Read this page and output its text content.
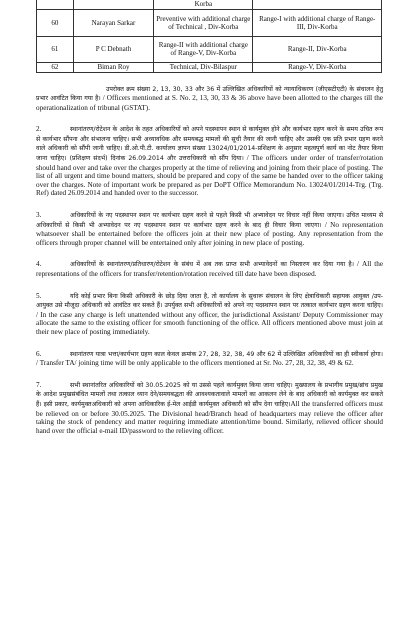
		Korba	
60	Narayan Sarkar	Preventive with additional charge of Technical , Div-Korba	Range-I with additional charge of Range-III, Div-Korba
61	P C Debnath	Range-II with additional charge of Range-V, Div-Korba	Range-II, Div-Korba
62	Biman Roy	Technical, Div-Bilaspur	Range-V, Div-Korba

उपरोक्त क्रम संख्या 2, 13, 30, 33 और 36 में उल्लिखित अधिकारियों को न्यायाधिकरण (जीएसटीएटी) के संचालन हेतु प्रभार आवंटित किया गया है। / Officers mentioned at S. No. 2, 13, 30, 33 & 36 above have been allotted to the charges till the operationalization of tribunal (GSTAT).

2.	स्थानांतरण/रोटेशन के आदेश के तहत अधिकारियों को अपने पदस्थापन स्थान से कार्यमुक्त होने और कार्यभार ग्रहण करने के समय उचित रूप से कार्यभार सौंपना और संभालना चाहिए। सभी अध्यावधिक और समयबद्ध मामलों की सूची तैयार की जानी चाहिए और उसकी एक प्रति प्रभार ग्रहण करने वाले अधिकारी को सौंपी जानी चाहिए। डी.ओ.पी.टी. कार्यालय ज्ञापन संख्या 13024/01/2014-प्रशिक्षण के अनुसार महत्वपूर्ण कार्य का नोट तैयार किया जाना चाहिए। (प्रशिक्षण संदर्भ) दिनांक 26.09.2014 और उत्तराधिकारी को सौंप दिया। / The officers under order of transfer/rotation should hand over and take over the charges properly at the time of relieving and joining from their place of posting. The list of all urgent and time bound matters, should be prepared and copy of the same be handed over to the officer taking over the charges. Note of important work be prepared as per DoPT Office Memorandum No. 13024/01/2014-Trg. (Trg. Ref) dated 26.09.2014 and handed over to the successor.

3.	अधिकारियों के नए पदस्थापन स्थान पर कार्यभार ग्रहण करने से पहले किसी भी अभ्यावेदन पर विचार नहीं किया जाएगा। उचित माध्यम से अधिकारियों से किसी भी अभ्यावेदन पर नए पदस्थापन स्थान पर कार्यभार ग्रहण करने के बाद ही विचार किया जाएगा। / No representation whatsoever shall be entertained before the officers join at their new place of posting. Any representation from the officers through proper channel will be entertained only after joining in new place of posting.

4.	अधिकारियों के स्थानांतरण/प्रतिधारण/रोटेशन के संबंध में अब तक प्राप्त सभी अभ्यावेदनों का निस्तारण कर दिया गया है। / All the representations of the officers for transfer/retention/rotation received till date have been disposed.

5.	यदि कोई प्रभार बिना किसी अधिकारी के छोड़ दिया जाता है, तो कार्यालय के सुचारू संचालन के लिए क्षेत्राधिकारी सहायक आयुक्त /उप-आयुक्त उसे मौजूदा अधिकारी को आवंटित कर सकते हैं। उपर्युक्त सभी अधिकारियों को अपने नए पदस्थापन स्थान पर तत्काल कार्यभार ग्रहण करना चाहिए। / In the case any charge is left unattended without any officer, the jurisdictional Assistant/ Deputy Commissioner may allocate the same to the existing officer for smooth functioning of the office. All officers mentioned above must join at their new place of posting immediately.

6.	स्थानांतरण यात्रा भत्ता/कार्यभार ग्रहण काल केवल क्रमांक 27, 28, 32, 38, 49 और 62 में उल्लिखित अधिकारियों का ही स्वीकार्य होगा। / Transfer TA/ joining time will be only applicable to the officers mentioned at Sr. No. 27, 28, 32, 38, 49 & 62.

7.	सभी स्थानांतरित अधिकारियों को 30.05.2025 को या उससे पहले कार्यमुक्त किया जाना चाहिए। मुख्यालय के प्रभागीय प्रमुख/ब्रांच प्रमुख के आदेश प्रमुखसंबंधित मामलों तथा तत्काल ध्यान देने/समयबद्धता की आवश्यकतावाले मामलों का आकलन लेने के बाद अधिकारी को कार्यमुक्त कर सकते हैं। इसी प्रकार, कार्यमुक्तअधिकारी को अपना आधिकारिक ई-मेल आईडी कार्यमुक्त अधिकारी को सौंप देना चाहिए।All the transferred officers must be relieved on or before 30.05.2025. The Divisional head/Branch head of headquarters may relieve the officer after taking the stock of pendency and matter requiring immediate attention/time bound. Similarly, relieved officer should hand over the official e-mail ID/password to the relieving officer.
